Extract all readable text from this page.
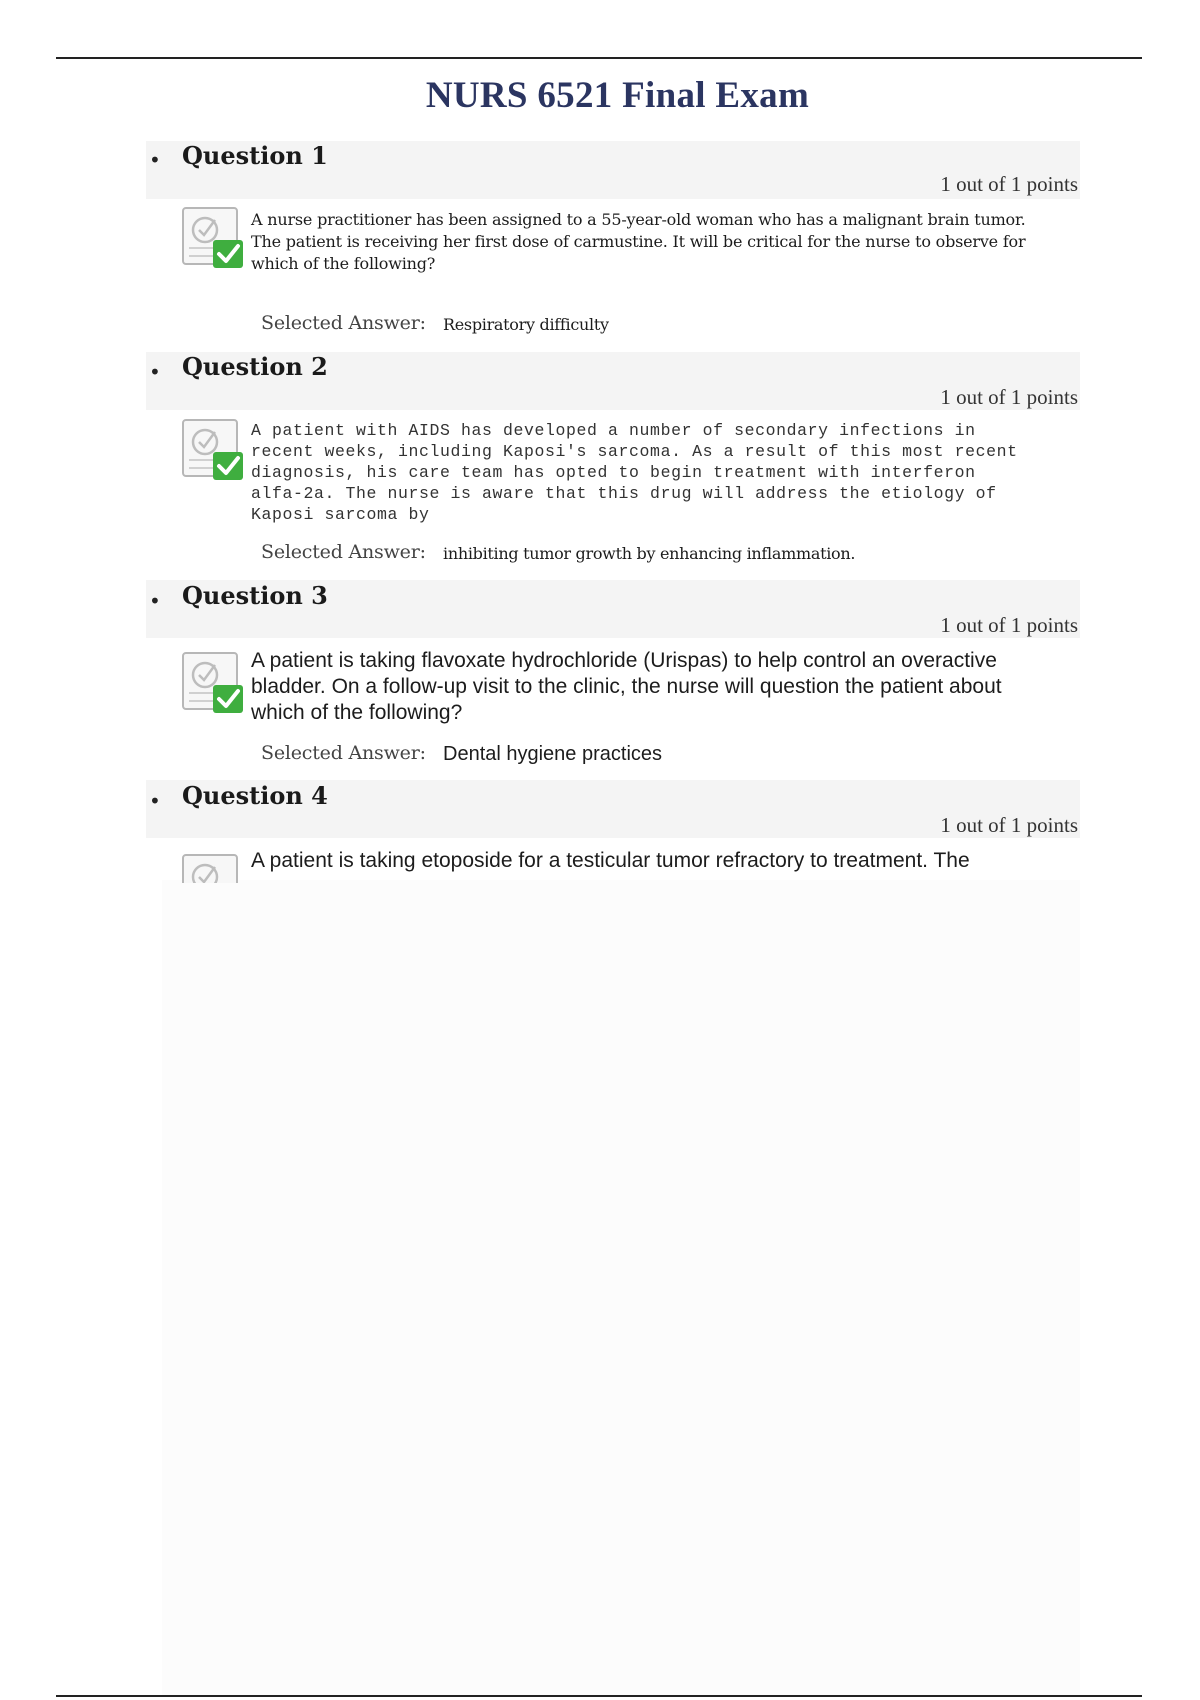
NURS 6521 Final Exam
• Question 1
1 out of 1 points
A nurse practitioner has been assigned to a 55-year-old woman who has a malignant brain tumor. The patient is receiving her first dose of carmustine. It will be critical for the nurse to observe for which of the following?
Selected Answer: Respiratory difficulty
• Question 2
1 out of 1 points
A patient with AIDS has developed a number of secondary infections in recent weeks, including Kaposi's sarcoma. As a result of this most recent diagnosis, his care team has opted to begin treatment with interferon alfa-2a. The nurse is aware that this drug will address the etiology of Kaposi sarcoma by
Selected Answer: inhibiting tumor growth by enhancing inflammation.
• Question 3
1 out of 1 points
A patient is taking flavoxate hydrochloride (Urispas) to help control an overactive bladder. On a follow-up visit to the clinic, the nurse will question the patient about which of the following?
Selected Answer: Dental hygiene practices
• Question 4
1 out of 1 points
A patient is taking etoposide for a testicular tumor refractory to treatment. The
